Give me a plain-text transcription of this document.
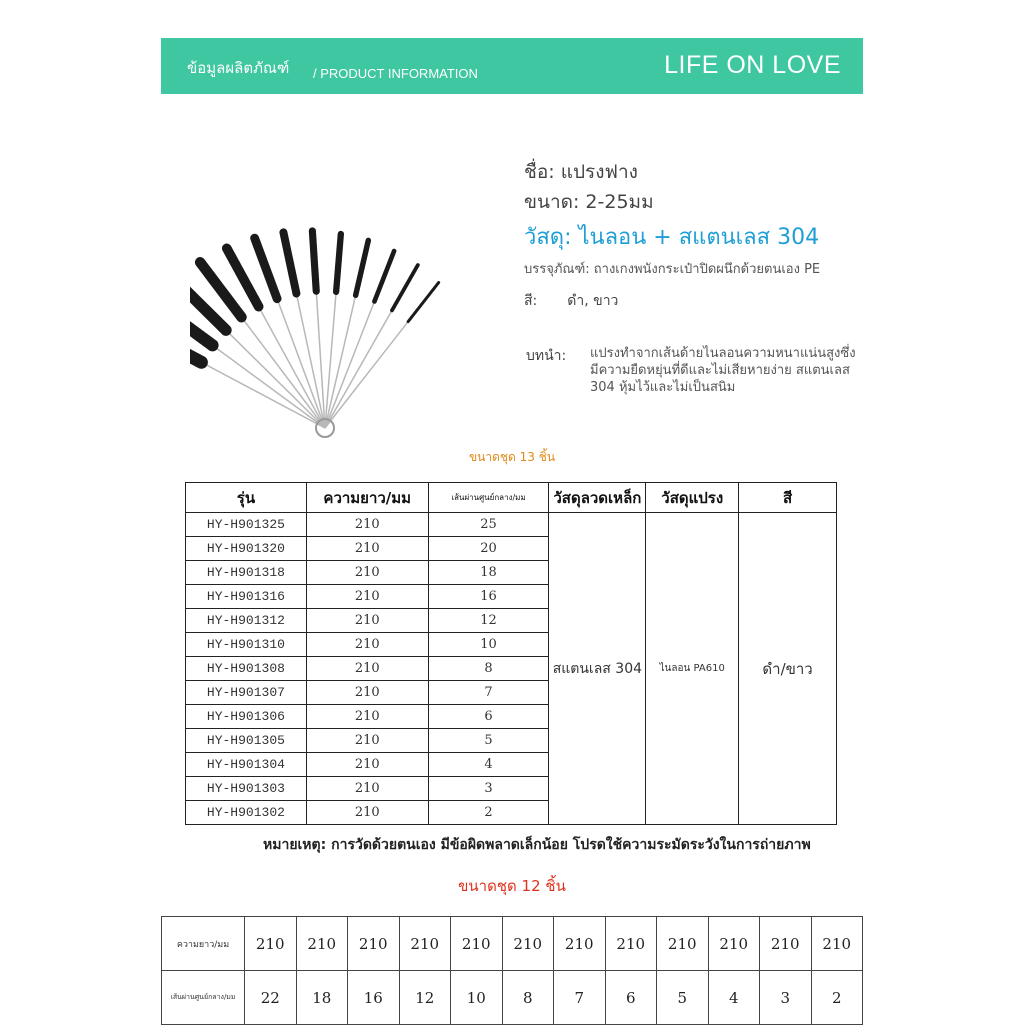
ข้อมูลผลิตภัณฑ์ / PRODUCT INFORMATION	LIFE ON LOVE
ชื่อ: แปรงฟาง
ขนาด: 2-25มม
วัสดุ: ไนลอน + สแตนเลส 304
บรรจุภัณฑ์: ถางเกงพนังกระเป๋าปิดผนึกด้วยตนเอง PE
สี: ดำ, ขาว
บทนำ: แปรงทำจากเส้นด้ายไนลอนความหนาแน่นสูงซึ่งมีความยืดหยุ่นที่ดีและไม่เสียหายง่าย สแตนเลส 304 หุ้มไว้และไม่เป็นสนิม
ขนาดชุด 13 ชิ้น
รุ่น	ความยาว/มม	เส้นผ่านศูนย์กลาง/มม	วัสดุลวดเหล็ก	วัสดุแปรง	สี
HY-H901325	210	25	สแตนเลส 304	ไนลอน PA610	ดำ/ขาว
HY-H901320	210	20			
HY-H901318	210	18			
HY-H901316	210	16			
HY-H901312	210	12			
HY-H901310	210	10			
HY-H901308	210	8			
HY-H901307	210	7			
HY-H901306	210	6			
HY-H901305	210	5			
HY-H901304	210	4			
HY-H901303	210	3			
HY-H901302	210	2			
หมายเหตุ: การวัดด้วยตนเอง มีข้อผิดพลาดเล็กน้อย โปรดใช้ความระมัดระวังในการถ่ายภาพ
ขนาดชุด 12 ชิ้น
ความยาว/มม	210	210	210	210	210	210	210	210	210	210	210	210
เส้นผ่านศูนย์กลาง/มม	22	18	16	12	10	8	7	6	5	4	3	2
